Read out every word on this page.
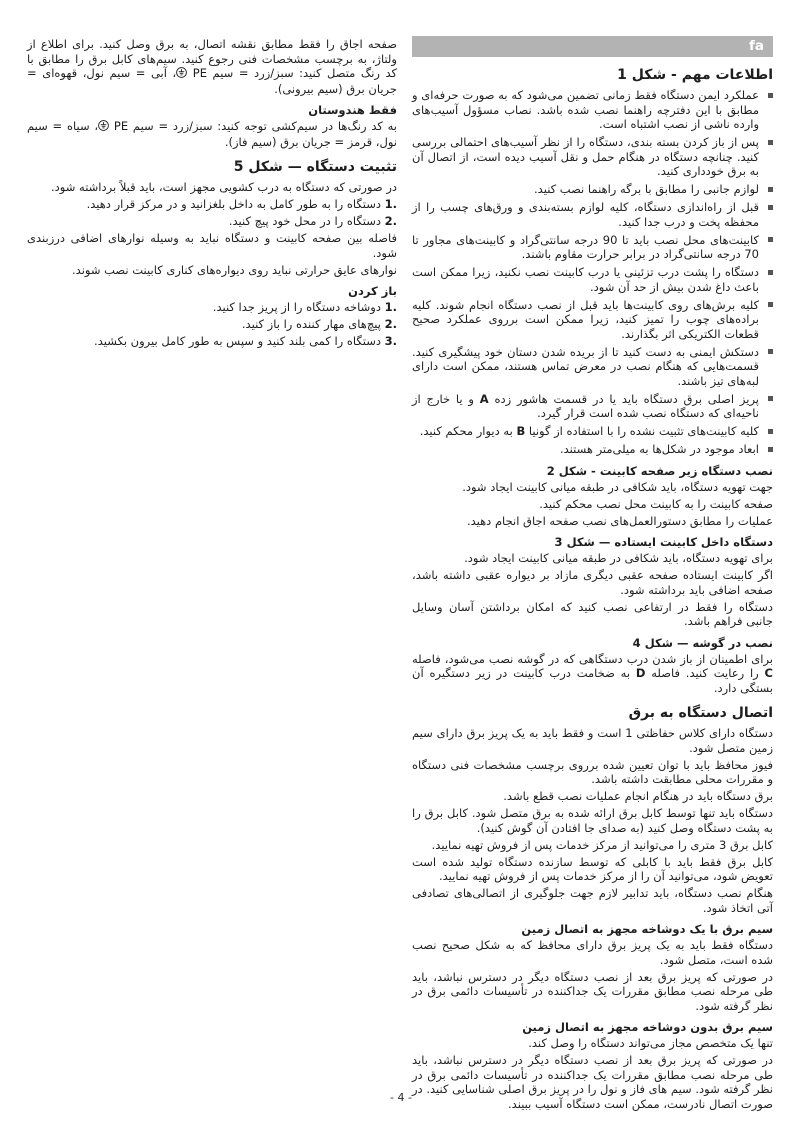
صفحه اجاق را فقط مطابق نقشه اتصال، به برق وصل كنيد. برای اطلاع از ولتاژ، به برچسب مشخصات فنی رجوع كنيد. سيم‌های كابل برق را مطابق با كد رنگ متصل كنيد: سبز/زرد = سيم PE ، آبی = سيم نول، قهوه‌ای = جريان برق (سيم بيرونی).

فقط هندوستان

به كد رنگ‌ها در سيم‌كشی توجه كنيد: سبز/زرد = سيم PE ، سياه = سيم نول، قرمز = جريان برق (سيم فاز).

تثبيت دستگاه — شكل 5

در صورتی كه دستگاه به درب كشويی مجهز است، بايد قبلاً برداشته شود.

1. دستگاه را به طور كامل به داخل بلغزانيد و در مركز قرار دهيد.

2. دستگاه را در محل خود پيچ كنيد.

فاصله بين صفحه كابينت و دستگاه نبايد به وسيله نوارهای اضافی درزبندی شود.

نوارهای عايق حرارتی نبايد روی ديواره‌های كناری كابينت نصب شوند.

باز كردن

1. دوشاخه دستگاه را از پريز جدا كنيد.

2. پيچ‌های مهار كننده را باز كنيد.

3. دستگاه را كمی بلند كنيد و سپس به طور كامل بيرون بكشيد.

fa
اطلاعات مهم - شكل 1
عملكرد ايمن دستگاه فقط زمانی تضمين می‌شود كه به صورت حرفه‌ای و مطابق با اين دفترچه راهنما نصب شده باشد. نصاب مسؤول آسيب‌های وارده ناشی از نصب اشتباه است.
پس از باز كردن بسته بندی، دستگاه را از نظر آسيب‌های احتمالی بررسی كنيد. چنانچه دستگاه در هنگام حمل و نقل آسيب ديده است، از اتصال آن به برق خودداری كنيد.
لوازم جانبی را مطابق با برگه راهنما نصب كنيد.
قبل از راه‌اندازی دستگاه، كليه لوازم بسته‌بندی و ورق‌های چسب را از محفظه پخت و درب جدا كنيد.
كابينت‌های محل نصب بايد تا 90 درجه سانتی‌گراد و كابينت‌های مجاور تا 70 درجه سانتی‌گراد در برابر حرارت مقاوم باشند.
دستگاه را پشت درب تزئينی يا درب كابينت نصب نكنيد، زيرا ممكن است باعث داغ شدن بيش از حد آن شود.
كليه برش‌های روی كابينت‌ها بايد قبل از نصب دستگاه انجام شوند. كليه براده‌های چوب را تميز كنيد، زيرا ممكن است برروی عملكرد صحيح قطعات الكتريكی اثر بگذارند.
دستكش ايمنی به دست كنيد تا از بريده شدن دستان خود پيشگيری كنيد. قسمت‌هايی كه هنگام نصب در معرض تماس هستند، ممكن است دارای لبه‌های تيز باشند.
پريز اصلی برق دستگاه بايد يا در قسمت هاشور زده A و يا خارج از ناحيه‌ای كه دستگاه نصب شده است قرار گيرد.
كليه كابينت‌های تثبيت نشده را با استفاده از گونيا B به ديوار محكم كنيد.
ابعاد موجود در شكل‌ها به ميلی‌متر هستند.
نصب دستگاه زير صفحه كابينت - شكل 2

جهت تهويه دستگاه، بايد شكافی در طبقه ميانی كابينت ايجاد شود.

صفحه كابينت را به كابينت محل نصب محكم كنيد.

عمليات را مطابق دستورالعمل‌های نصب صفحه اجاق انجام دهيد.

دستگاه داخل كابينت ايستاده — شكل 3

برای تهويه دستگاه، بايد شكافی در طبقه ميانی كابينت ايجاد شود.

اگر كابينت ايستاده صفحه عقبی ديگری مازاد بر ديواره عقبی داشته باشد، صفحه اضافی بايد برداشته شود.

دستگاه را فقط در ارتفاعی نصب كنيد كه امكان برداشتن آسان وسايل جانبی فراهم باشد.

نصب در گوشه — شكل 4

برای اطمينان از باز شدن درب دستگاهی كه در گوشه نصب می‌شود، فاصله C را رعايت كنيد. فاصله D به ضخامت درب كابينت در زير دستگيره آن بستگی دارد.

اتصال دستگاه به برق

دستگاه دارای كلاس حفاظتی 1 است و فقط بايد به يک پريز برق دارای سيم زمين متصل شود.

فيوز محافظ بايد با توان تعيين شده برروی برچسب مشخصات فنی دستگاه و مقررات محلی مطابقت داشته باشد.

برق دستگاه بايد در هنگام انجام عمليات نصب قطع باشد.

دستگاه بايد تنها توسط كابل برق ارائه شده به برق متصل شود. كابل برق را به پشت دستگاه وصل كنيد (به صدای جا افتادن آن گوش كنيد).

كابل برق 3 متری را می‌توانيد از مركز خدمات پس از فروش تهيه نماييد.

كابل برق فقط بايد با كابلی كه توسط سازنده دستگاه توليد شده است تعويض شود، می‌توانيد آن را از مركز خدمات پس از فروش تهيه نماييد.

هنگام نصب دستگاه، بايد تدابير لازم جهت جلوگيری از اتصالی‌های تصادفی آتی اتخاذ شود.

سيم برق با يک دوشاخه مجهز به اتصال زمين

دستگاه فقط بايد به يک پريز برق دارای محافظ كه به شكل صحيح نصب شده است، متصل شود.

در صورتی كه پريز برق بعد از نصب دستگاه ديگر در دسترس نباشد، بايد طی مرحله نصب مطابق مقررات يک جداكننده در تأسيسات دائمی برق در نظر گرفته شود.

سيم برق بدون دوشاخه مجهز به اتصال زمين

تنها يک متخصص مجاز می‌تواند دستگاه را وصل كند.

در صورتی كه پريز برق بعد از نصب دستگاه ديگر در دسترس نباشد، بايد طی مرحله نصب مطابق مقررات يک جداكننده در تأسيسات دائمی برق در نظر گرفته شود. سيم های فاز و نول را در پريز برق اصلی شناسايی كنيد. در صورت اتصال نادرست، ممكن است دستگاه آسيب ببيند.

- 4 -
